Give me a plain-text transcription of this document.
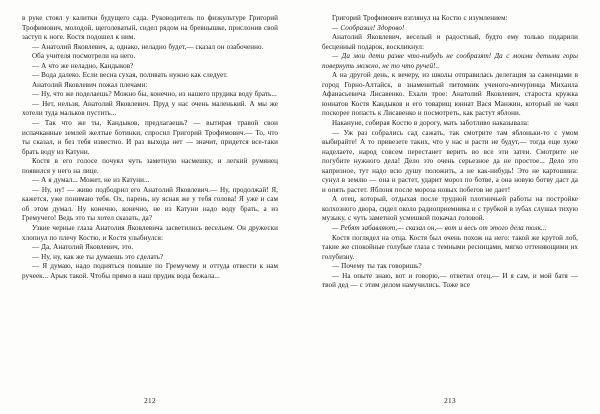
в руке стоял у калитки будущего сада. Руководитель по физкультуре Григорий Трофимович, молодой, щеголеватый, сидел рядом на бревнышке, прислонив свой заступ к ноге. Костя подошел к ним.

— Анатолий Яковлевич, а, однако, неладно будет,— сказал он озабоченно.

Оба учителя посмотрели на него.

— А что же неладно, Кандыков?

— Вода далеко. Если весна сухая, поливать нужно как следует.

Анатолий Яковлевич пожал плечами:

— Ну, что же поделаешь? Можно бы, конечно, из нашего прудика воду брать...

— Нет, нельзя, Анатолий Яковлевич. Пруд у нас очень маленький. А мы же хотели туда мальков пустить...

— Так что же ты, Кандыков, предлагаешь? — вытирая травой свои испачканные землей желтые ботинки, спросил Григорий Трофимович.— То, что ты сказал, и без тебя известно. И раз выхода нет — значит, придется все-таки брать воду из Катуни.

Костя в его голосе почуял чуть заметную насмешку, и легкий румянец появился у него на лице.

— А я думал... Может, не из Катуни...

— Ну, ну! — живо подбодрил его Анатолий Яковлевич.— Ну, продолжай! Я, кажется, уже понимаю тебя. Ох, парень, ну ясная же у тебя голова! Я уже и сам об этом думал. Ну конечно, конечно, не из Катуни надо воду брать, а из Гремучего! Ведь это ты хотел сказать, да?

Узкие черные глаза Анатолия Яковлевича засветились весельем. Он дружески хлопнул по плечу Костю, и Костя улыбнулся:

— Да, Анатолий Яковлевич, это.

— Ну, ну, как же ты думаешь это сделать?

— Я думаю, надо подняться повыше по Гремучему и оттуда отвести к нам ручеек... Арык такой. Чтобы прямо в наш прудик вода бежала...

212

Григорий Трофимович взглянул на Костю с изумлением:

— Сообразил! Здорово!

Анатолий Яковлевич, веселый и радостный, будто ему только подарили бесценный подарок, воскликнул:

— Да мои дети разве что-нибудь не сообразят! Да с моими детьми горы повернуть можно, не то что ручей!..

А на другой день, к вечеру, из школы отправилась делегация за саженцами в город Горно-Алтайск, в знаменитый питомник ученого-мичуринца Михаила Афанасьевича Лисавенко. Ехали трое: Анатолий Яковлевич, староста кружка юннатов Костя Кандыков и его товарищ юннат Вася Манжин, который не чаял поскорее попасть к Лисавенко и посмотреть, как растут яблони.

Накануне, собирая Костю в дорогу, мать заботливо наказывала:

— Уж раз собрались сад сажать, так смотрите там яблоньки-то с умом выбирайте! А то привезете таких, что у нас и расти не будут,— тогда еще хуже наделаете, народ совсем перестанет верить во все эти затеи. Смотрите не погубите нужного дела! Дело это очень серьезное да не простое... Дело это капризное, тут надо всю душу положить, а не как-нибудь! Это не картошина: сунул в землю — она и растет, ударит мороз по ботве, а она новую ботву даст да и опять растет. Яблоня после мороза новых побегов не дает!

А отец, который, отдыхая после трудной плотничьей работы на постройке колхозного двора, сидел около радиоприемника и с трубкой в зубах слушал тихую музыку, с чуть заметной усмешкой покачал головой.

— Ребят забавляют,— сказал он,— вот и весь от этого дела толк...

Костя поглядел на отца. Костя был очень похож на него: такой же крутой лоб, такие же спокойные голубые глаза с темными ресницами, мягко оттеняющими их голубизну.

— Почему ты так говоришь?

— На опыте знаю, вот и говорю,— ответил отец.— И я сам, и мой батя — твой дед — с этим делом намучились. Тоже все

213
